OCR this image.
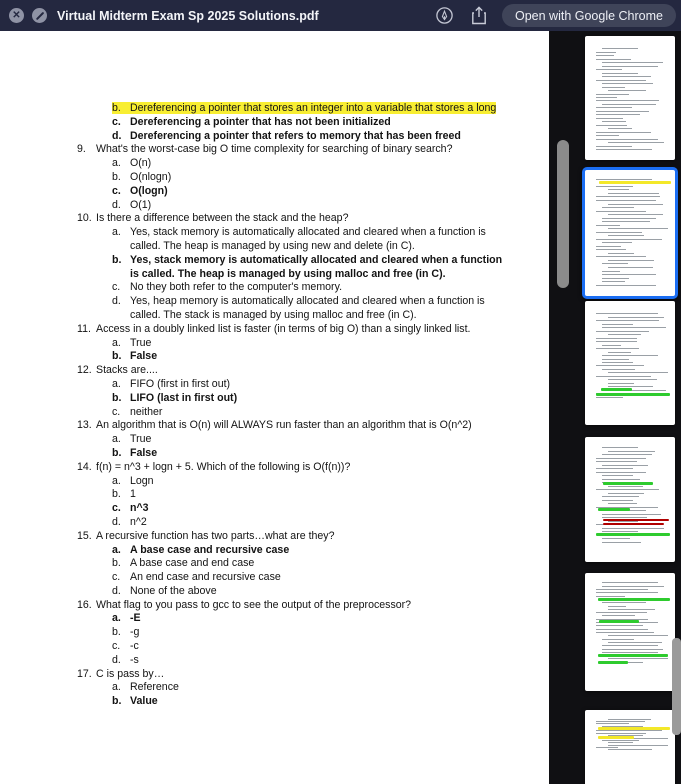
✕	Virtual Midterm Exam Sp 2025 Solutions.pdf	Open with Google Chrome
b. Dereferencing a pointer that stores an integer into a variable that stores a long
c. Dereferencing a pointer that has not been initialized
d. Dereferencing a pointer that refers to memory that has been freed
9. What's the worst-case big O time complexity for searching of binary search?
a. O(n)
b. O(nlogn)
c. O(logn)
d. O(1)
10. Is there a difference between the stack and the heap?
a. Yes, stack memory is automatically allocated and cleared when a function is
called. The heap is managed by using new and delete (in C).
b. Yes, stack memory is automatically allocated and cleared when a function
is called. The heap is managed by using malloc and free (in C).
c. No they both refer to the computer's memory.
d. Yes, heap memory is automatically allocated and cleared when a function is
called. The stack is managed by using malloc and free (in C).
11. Access in a doubly linked list is faster (in terms of big O) than a singly linked list.
a. True
b. False
12. Stacks are....
a. FIFO (first in first out)
b. LIFO (last in first out)
c. neither
13. An algorithm that is O(n) will ALWAYS run faster than an algorithm that is O(n^2)
a. True
b. False
14. f(n) = n^3 + logn + 5. Which of the following is O(f(n))?
a. Logn
b. 1
c. n^3
d. n^2
15. A recursive function has two parts…what are they?
a. A base case and recursive case
b. A base case and end case
c. An end case and recursive case
d. None of the above
16. What flag to you pass to gcc to see the output of the preprocessor?
a. -E
b. -g
c. -c
d. -s
17. C is pass by…
a. Reference
b. Value
